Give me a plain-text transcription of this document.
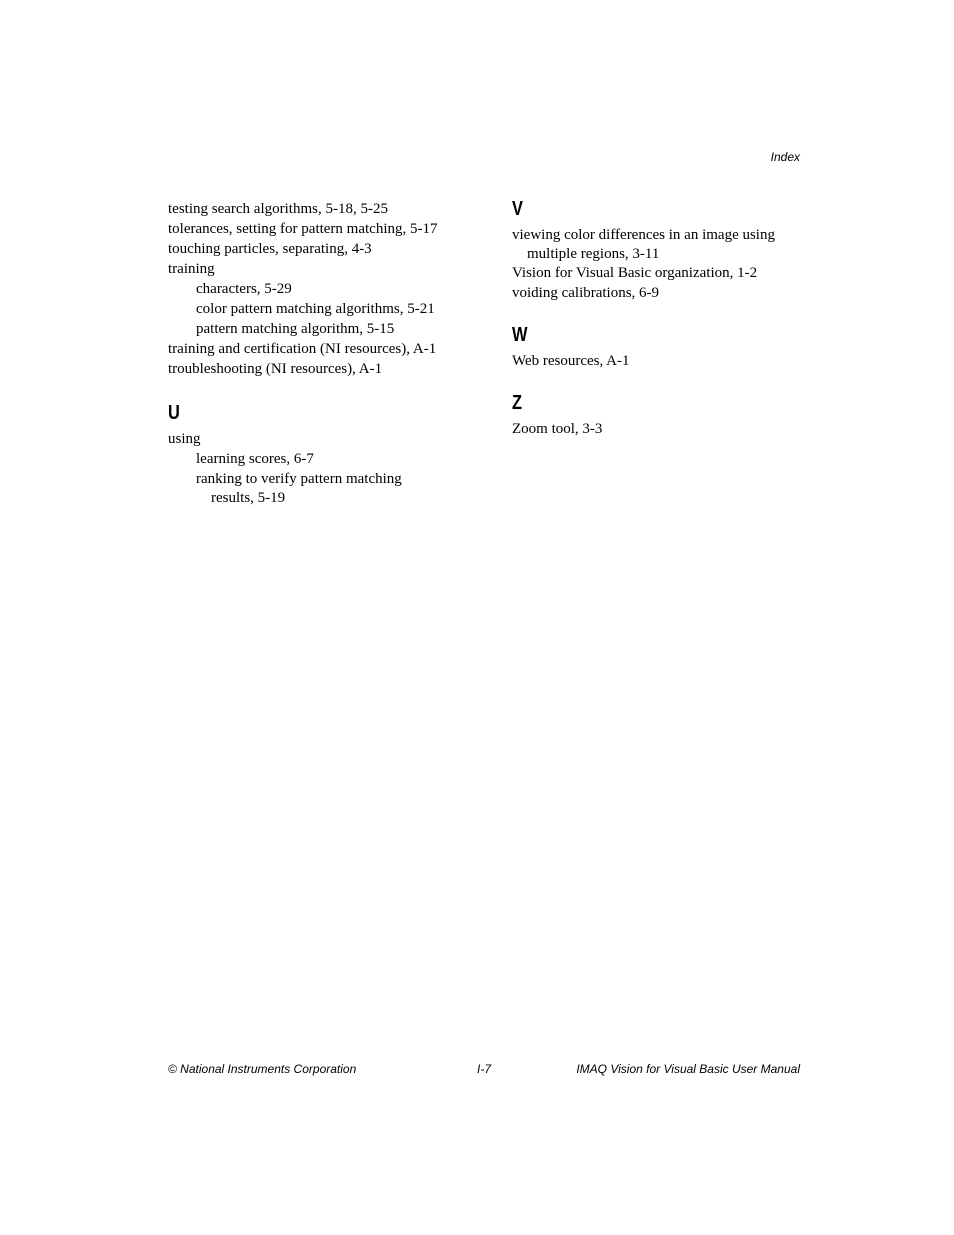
Index

testing search algorithms, 5-18, 5-25

tolerances, setting for pattern matching, 5-17

touching particles, separating, 4-3

training

characters, 5-29

color pattern matching algorithms, 5-21

pattern matching algorithm, 5-15

training and certification (NI resources), A-1

troubleshooting (NI resources), A-1

U

using

learning scores, 6-7

ranking to verify pattern matching

results, 5-19

V

viewing color differences in an image using

multiple regions, 3-11

Vision for Visual Basic organization, 1-2

voiding calibrations, 6-9

W

Web resources, A-1

Z

Zoom tool, 3-3

© National Instruments Corporation	I-7	IMAQ Vision for Visual Basic User Manual
